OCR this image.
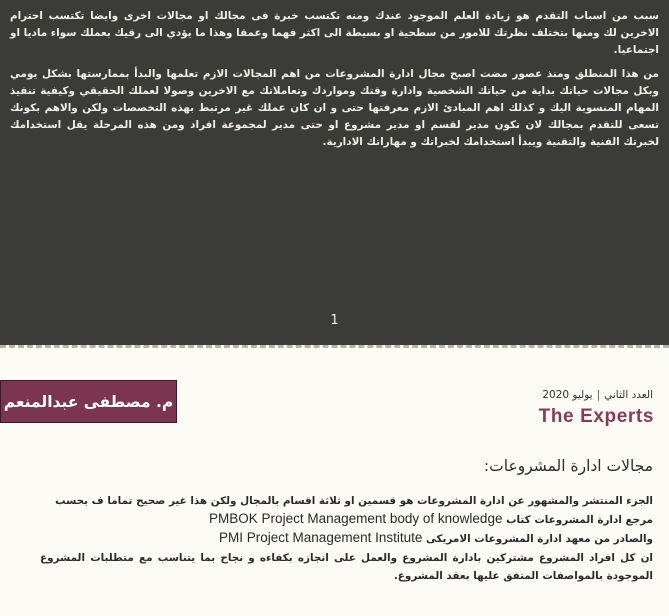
سبب من اسباب التقدم هو زيادة العلم الموجود عندك ومنه تكتسب خبرة فى مجالك او مجالات اخرى وايضا تكتسب احترام الاخرين لك ومنها بتختلف نظرتك للامور من سطحية او بسيطة الى اكثر فهما وعمقا وهذا ما يؤدي الى رقيك بعملك سواء ماديا او اجتماعيا.

من هذا المنطلق ومنذ عصور مضت اصبح مجال ادارة المشروعات من اهم المجالات الازم تعلمها والبدأ بممارستها بشكل يومي وبكل مجالات حياتك بداية من حياتك الشخصية وادارة وقتك ومواردك وتعاملاتك مع الاخرين وصولا لعملك الحقيقي وكيفية تنفيذ المهام المنسوبة اليك و كذلك اهم المبادئ الازم معرفتها حتى و ان كان عملك غير مرتبط بهذه التخصصات ولكن والاهم بكونك تسعى للتقدم بمجالك لان تكون مدير لقسم او مدير مشروع او حتى مدير لمجموعة افراد ومن هذه المرحلة يقل استخدامك لخبرتك الفنية والتقنية ويبدأ استخدامك لخبراتك و مهاراتك الادارية.

1
م. مصطفى عبدالمنعم	العدد الثاني|يوليو 2020
The Experts
مجالات ادارة المشروعات:
الجزء المنتشر والمشهور عن ادارة المشروعات هو قسمين او ثلاثة اقسام بالمجال ولكن هذا غير صحيح تماما ف بحسب
مرجع ادارة المشروعات كتاب PMBOK Project Management body of knowledge
والصادر من معهد ادارة المشروعات الامريكى PMI Project Management Institute
ان كل افراد المشروع مشتركين بادارة المشروع والعمل على انجازه بكفاءه و نجاح بما يتناسب مع متطلبات المشروع الموجودة بالمواصفات المتفق عليها بعقد المشروع.
